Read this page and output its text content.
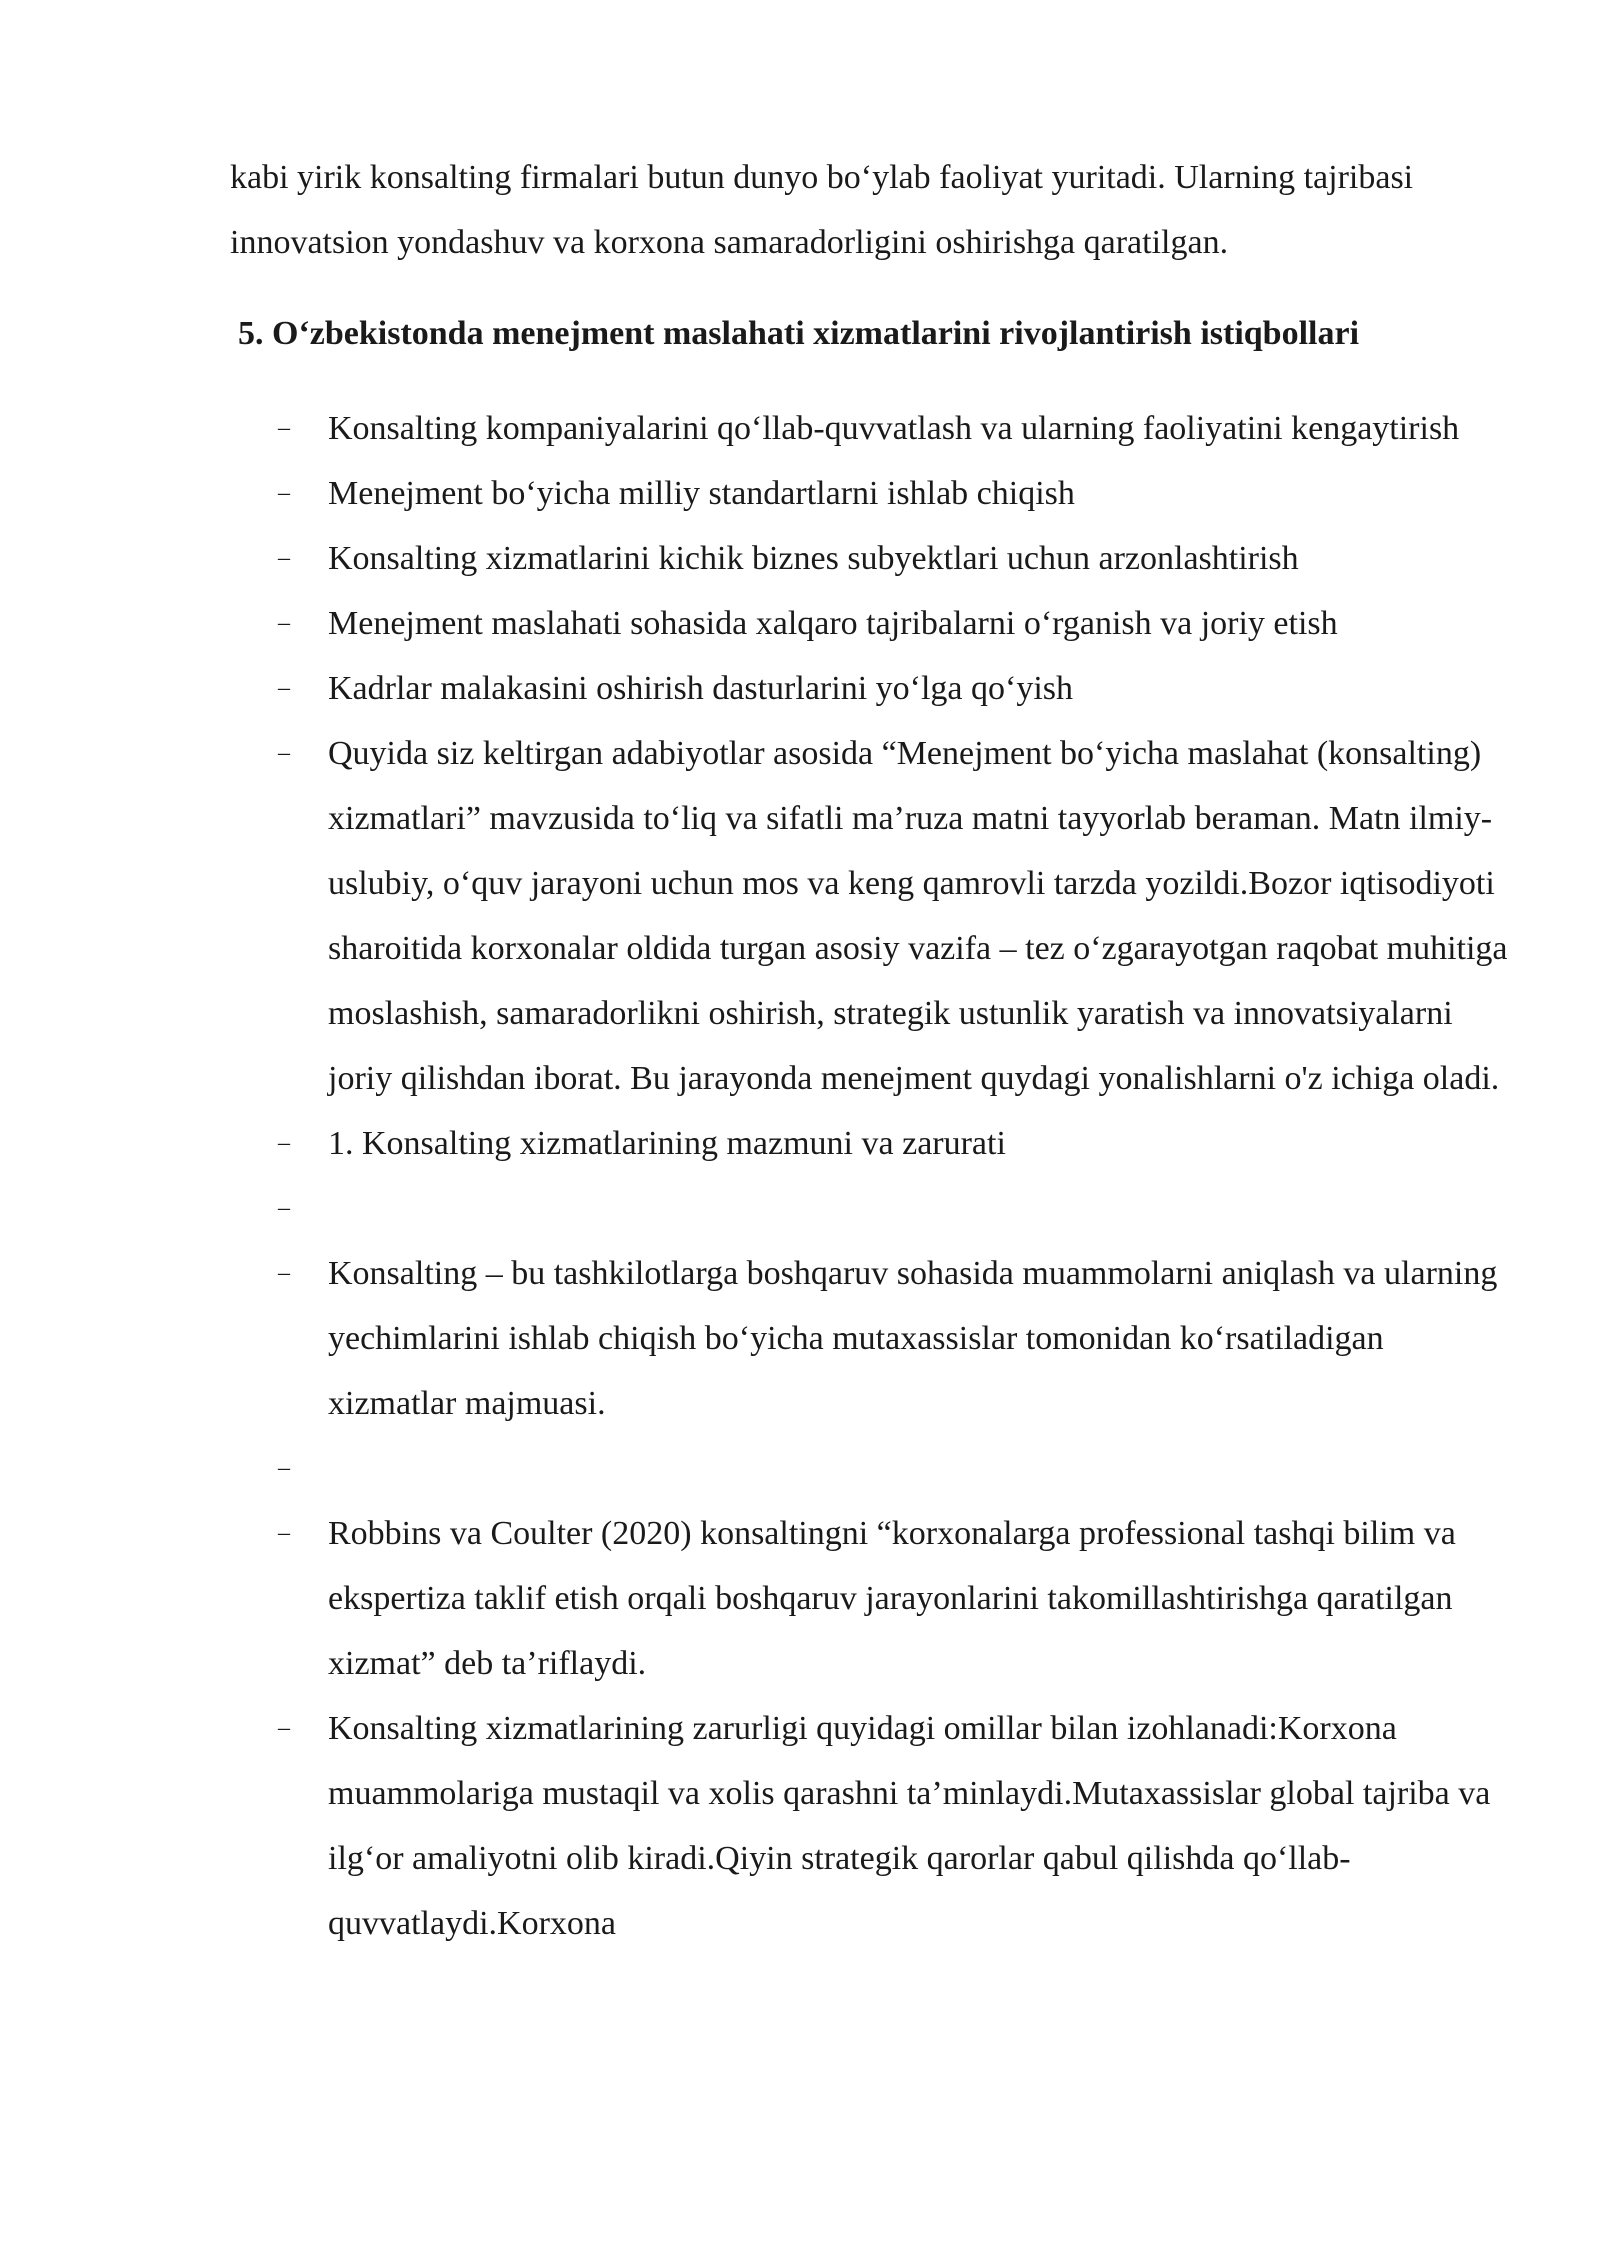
kabi yirik konsalting firmalari butun dunyo bo‘ylab faoliyat yuritadi. Ularning tajribasi innovatsion yondashuv va korxona samaradorligini oshirishga qaratilgan.

5. O‘zbekistonda menejment maslahati xizmatlarini rivojlantirish istiqbollari
– Konsalting kompaniyalarini qo‘llab-quvvatlash va ularning faoliyatini kengaytirish
– Menejment bo‘yicha milliy standartlarni ishlab chiqish
– Konsalting xizmatlarini kichik biznes subyektlari uchun arzonlashtirish
– Menejment maslahati sohasida xalqaro tajribalarni o‘rganish va joriy etish
– Kadrlar malakasini oshirish dasturlarini yo‘lga qo‘yish
– Quyida siz keltirgan adabiyotlar asosida “Menejment bo‘yicha maslahat (konsalting) xizmatlari” mavzusida to‘liq va sifatli ma’ruza matni tayyorlab beraman. Matn ilmiy-uslubiy, o‘quv jarayoni uchun mos va keng qamrovli tarzda yozildi.Bozor iqtisodiyoti sharoitida korxonalar oldida turgan asosiy vazifa – tez o‘zgarayotgan raqobat muhitiga moslashish, samaradorlikni oshirish, strategik ustunlik yaratish va innovatsiyalarni joriy qilishdan iborat. Bu jarayonda menejment quydagi yonalishlarni o'z ichiga oladi.
– 1. Konsalting xizmatlarining mazmuni va zarurati
–
– Konsalting – bu tashkilotlarga boshqaruv sohasida muammolarni aniqlash va ularning yechimlarini ishlab chiqish bo‘yicha mutaxassislar tomonidan ko‘rsatiladigan xizmatlar majmuasi.
–
– Robbins va Coulter (2020) konsaltingni “korxonalarga professional tashqi bilim va ekspertiza taklif etish orqali boshqaruv jarayonlarini takomillashtirishga qaratilgan xizmat” deb ta’riflaydi.
– Konsalting xizmatlarining zarurligi quyidagi omillar bilan izohlanadi:Korxona muammolariga mustaqil va xolis qarashni ta’minlaydi.Mutaxassislar global tajriba va ilg‘or amaliyotni olib kiradi.Qiyin strategik qarorlar qabul qilishda qo‘llab-quvvatlaydi.Korxona
